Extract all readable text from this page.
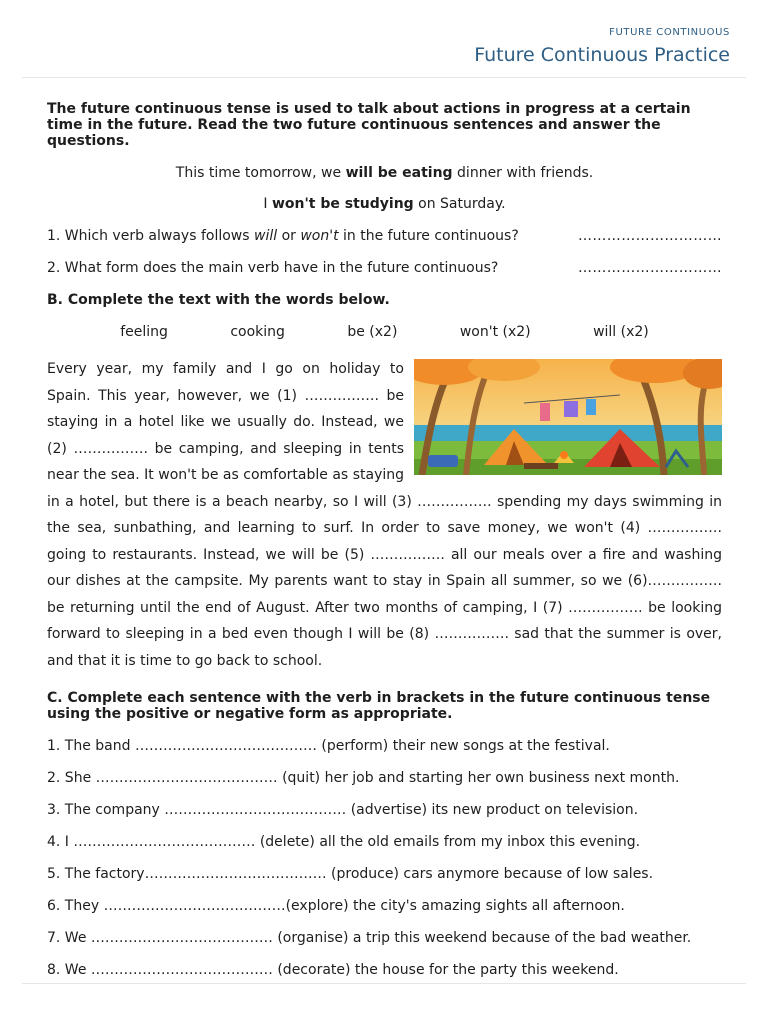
FUTURE CONTINUOUS
Future Continuous Practice

The future continuous tense is used to talk about actions in progress at a certain time in the future. Read the two future continuous sentences and answer the questions.

This time tomorrow, we will be eating dinner with friends.

I won't be studying on Saturday.

1. Which verb always follows will or won't in the future continuous?	…………………………
2. What form does the main verb have in the future continuous?	…………………………

B. Complete the text with the words below.

feeling	cooking	be (x2)	won't (x2)	will (x2)
Every year, my family and I go on holiday to Spain. This year, however, we (1) ……………. be staying in a hotel like we usually do. Instead, we (2) ……………. be camping, and sleeping in tents near the sea. It won't be as comfortable as staying in a hotel, but there is a beach nearby, so I will (3) ……………. spending my days swimming in the sea, sunbathing, and learning to surf. In order to save money, we won't (4) ……………. going to restaurants. Instead, we will be (5) ……………. all our meals over a fire and washing our dishes at the campsite. My parents want to stay in Spain all summer, so we (6)……………. be returning until the end of August. After two months of camping, I (7) ……………. be looking forward to sleeping in a bed even though I will be (8) ……………. sad that the summer is over, and that it is time to go back to school.

C. Complete each sentence with the verb in brackets in the future continuous tense using the positive or negative form as appropriate.

1. The band ………………………………… (perform) their new songs at the festival.

2. She ………………………………… (quit) her job and starting her own business next month.

3. The company ………………………………… (advertise) its new product on television.

4. I ………………………………… (delete) all the old emails from my inbox this evening.

5. The factory………………………………… (produce) cars anymore because of low sales.

6. They …………………………………(explore) the city's amazing sights all afternoon.

7. We ………………………………… (organise) a trip this weekend because of the bad weather.

8. We ………………………………… (decorate) the house for the party this weekend.
